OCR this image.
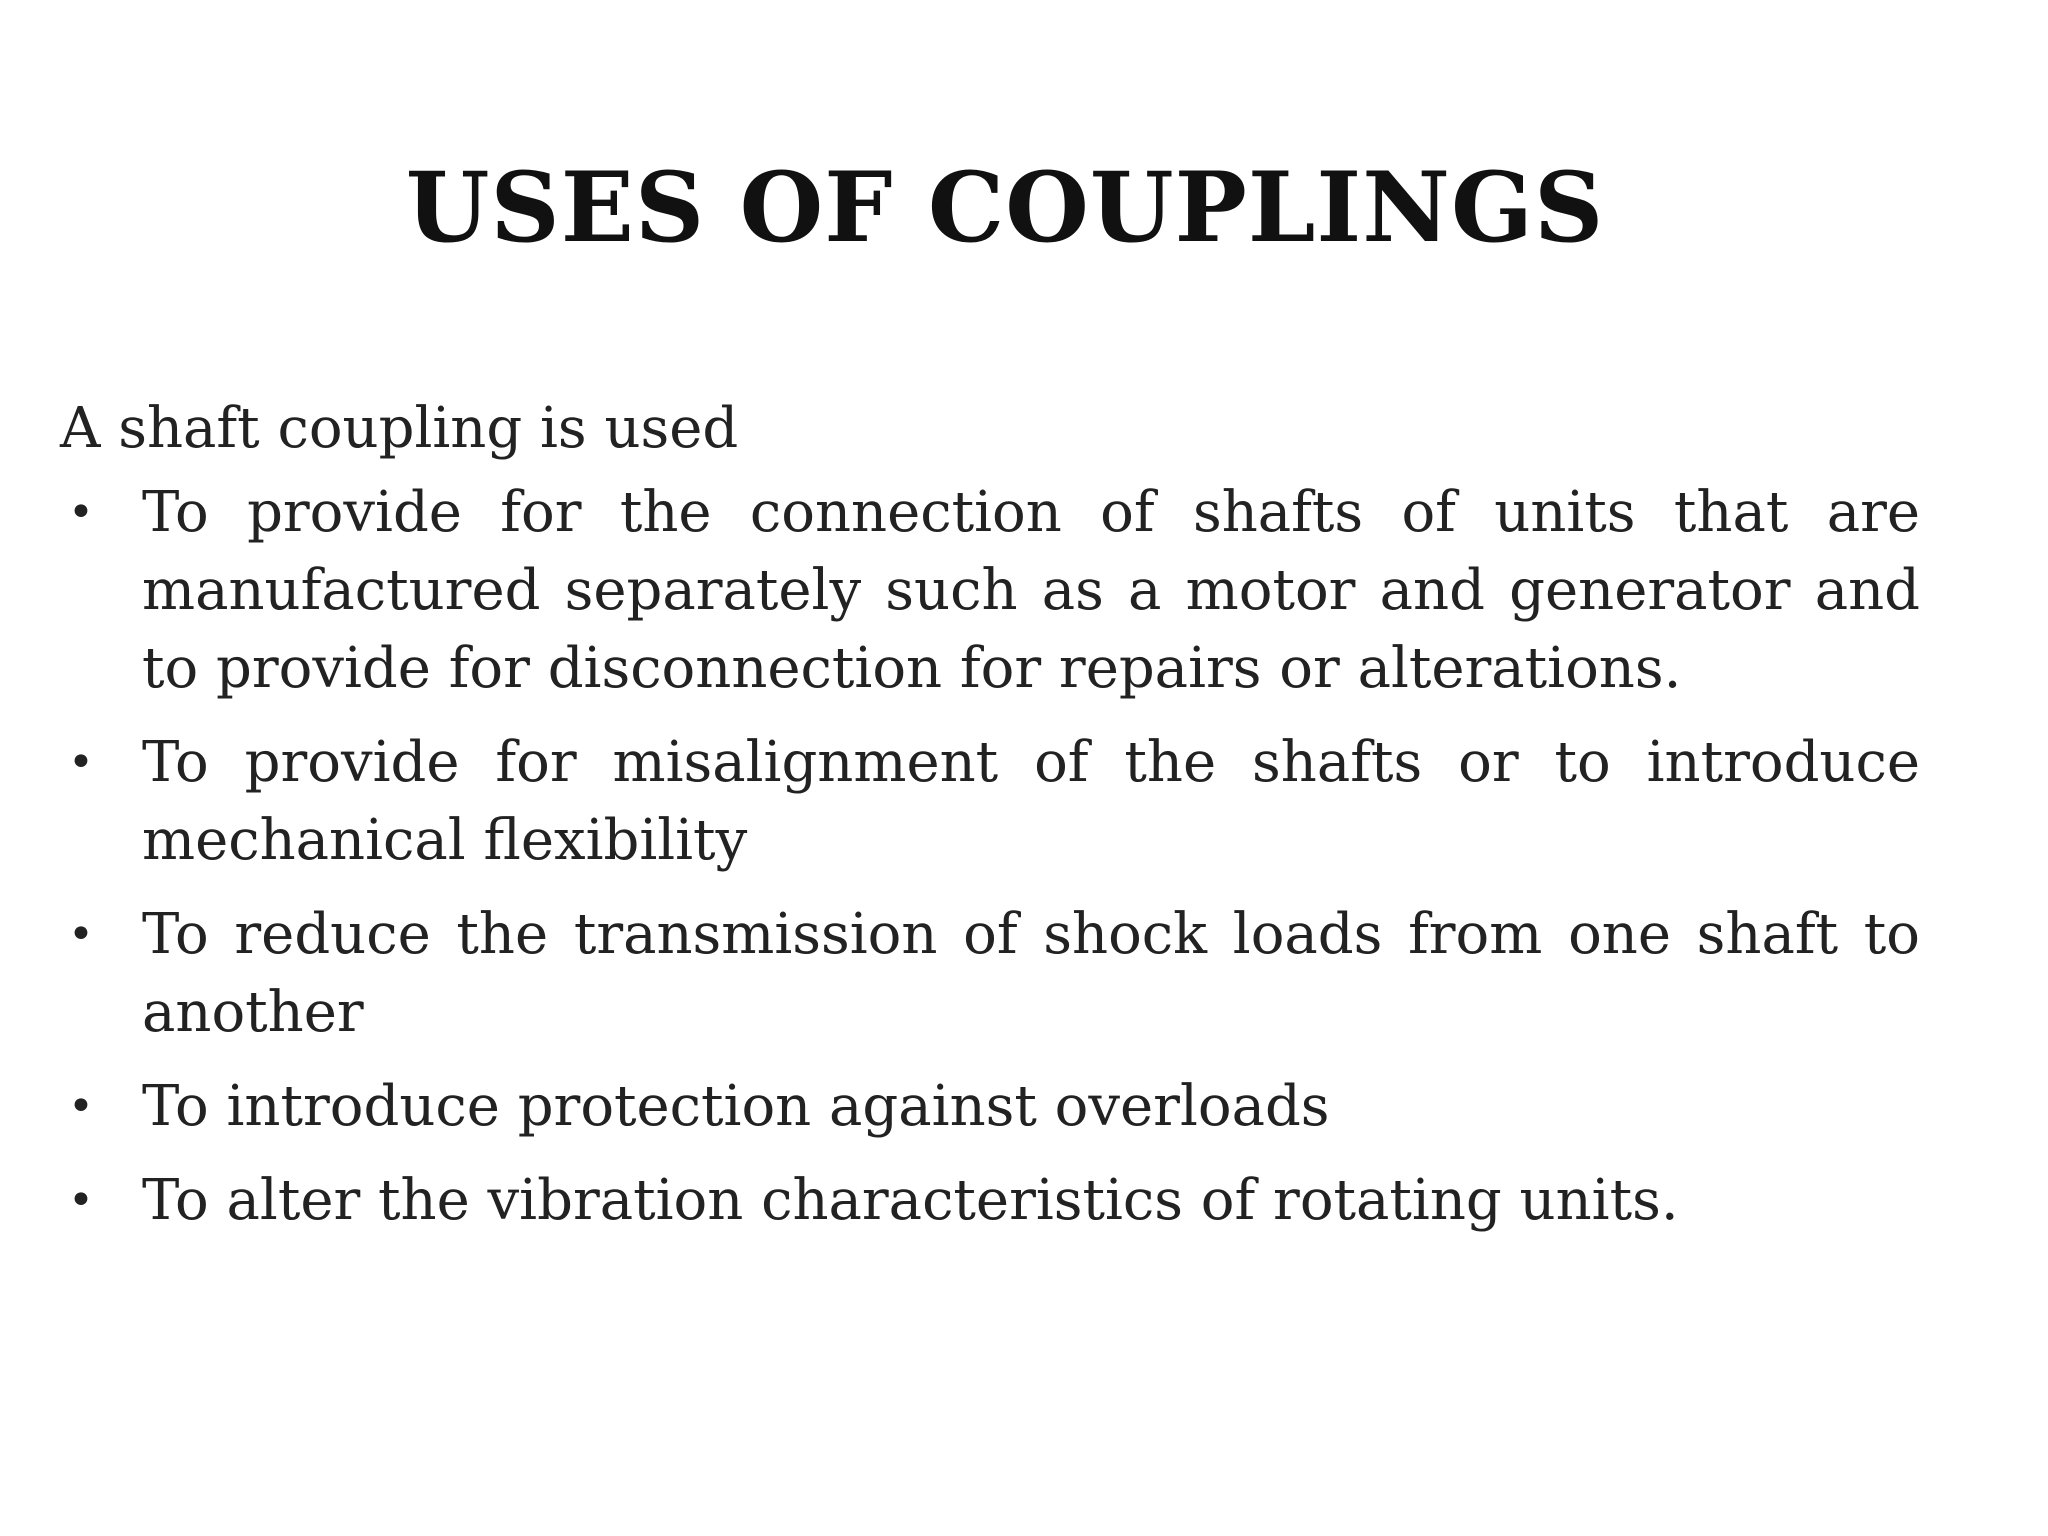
USES OF COUPLINGS

A shaft coupling is used

• To provide for the connection of shafts of units that are manufactured separately such as a motor and generator and to provide for disconnection for repairs or alterations.
• To provide for misalignment of the shafts or to introduce mechanical flexibility
• To reduce the transmission of shock loads from one shaft to another
• To introduce protection against overloads
• To alter the vibration characteristics of rotating units.
